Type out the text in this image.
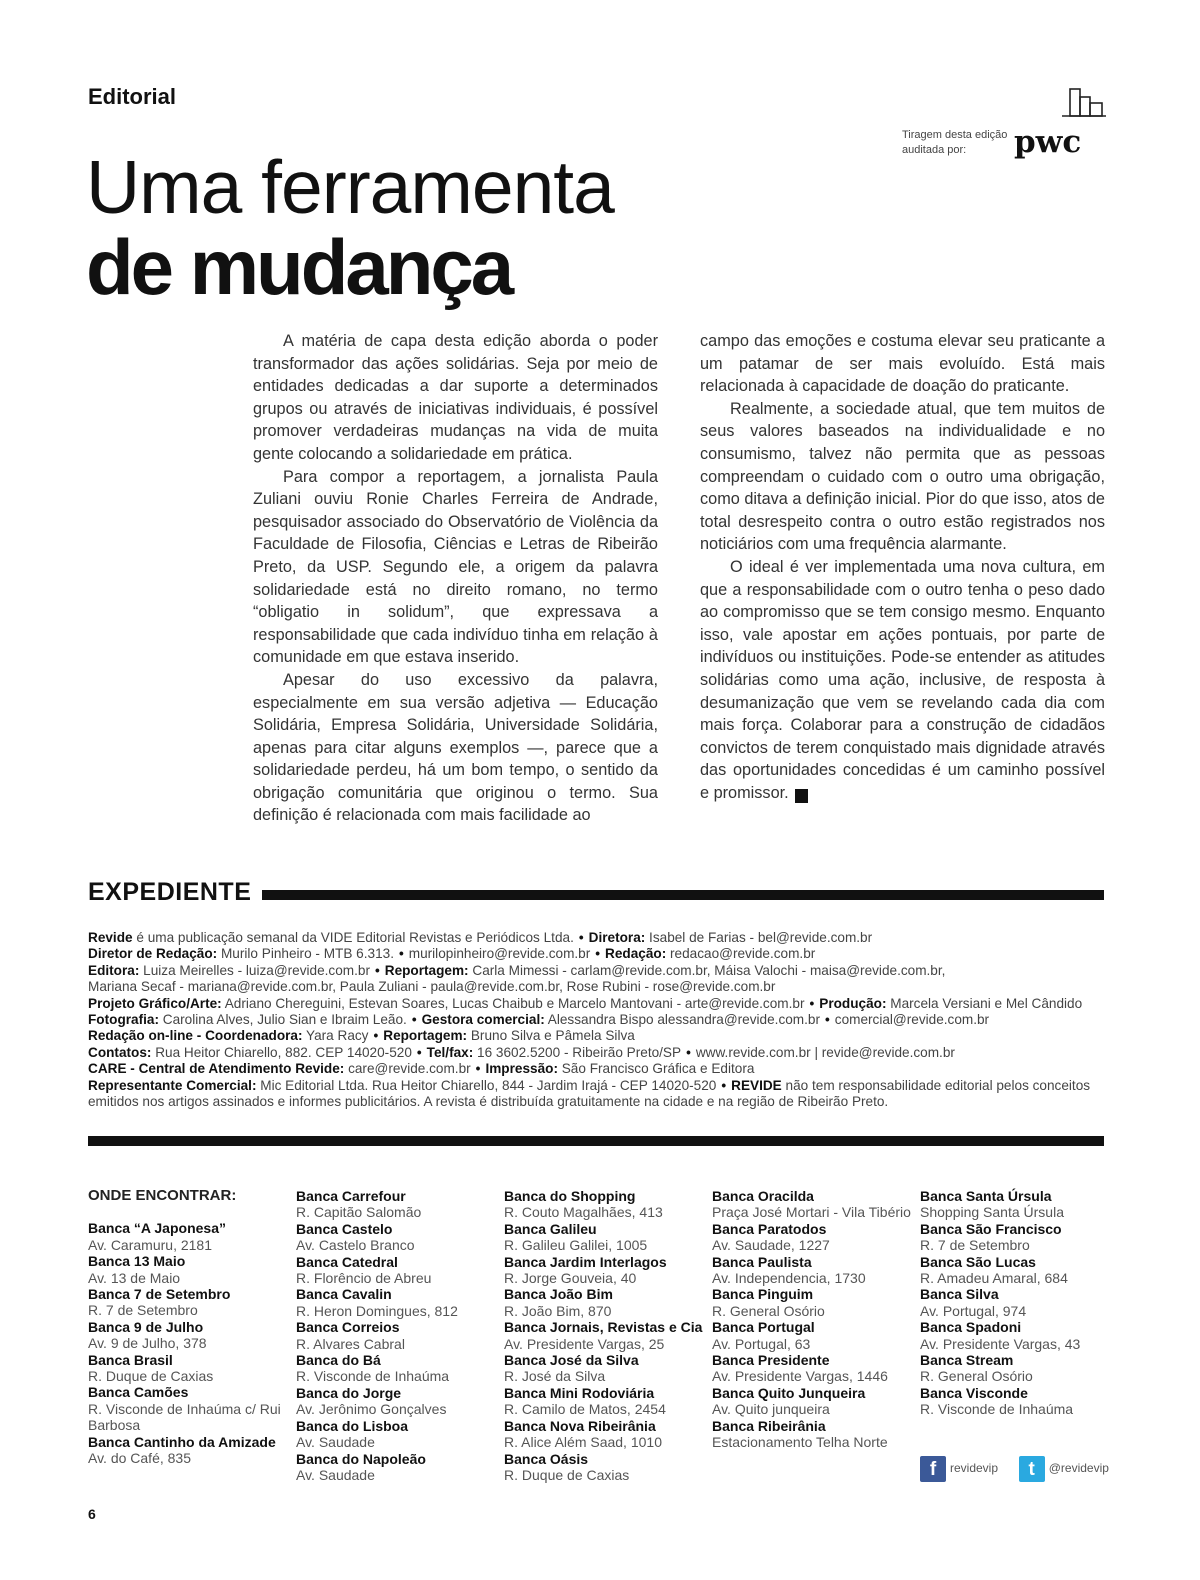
Editorial
Uma ferramenta
de mudança
Tiragem desta edição auditada por:	pwc

A matéria de capa desta edição aborda o poder transformador das ações solidárias. Seja por meio de entidades dedicadas a dar suporte a determinados grupos ou através de iniciativas individuais, é possível promover verdadeiras mudanças na vida de muita gente colocando a solidariedade em prática.

Para compor a reportagem, a jornalista Paula Zuliani ouviu Ronie Charles Ferreira de Andrade, pesquisador associado do Observatório de Violência da Faculdade de Filosofia, Ciências e Letras de Ribeirão Preto, da USP. Segundo ele, a origem da palavra solidariedade está no direito romano, no termo “obligatio in solidum”, que expressava a responsabilidade que cada indivíduo tinha em relação à comunidade em que estava inserido.

Apesar do uso excessivo da palavra, especialmente em sua versão adjetiva — Educação Solidária, Empresa Solidária, Universidade Solidária, apenas para citar alguns exemplos —, parece que a solidariedade perdeu, há um bom tempo, o sentido da obrigação comunitária que originou o termo. Sua definição é relacionada com mais facilidade ao

campo das emoções e costuma elevar seu praticante a um patamar de ser mais evoluído. Está mais relacionada à capacidade de doação do praticante.

Realmente, a sociedade atual, que tem muitos de seus valores baseados na individualidade e no consumismo, talvez não permita que as pessoas compreendam o cuidado com o outro uma obrigação, como ditava a definição inicial. Pior do que isso, atos de total desrespeito contra o outro estão registrados nos noticiários com uma frequência alarmante.

O ideal é ver implementada uma nova cultura, em que a responsabilidade com o outro tenha o peso dado ao compromisso que se tem consigo mesmo. Enquanto isso, vale apostar em ações pontuais, por parte de indivíduos ou instituições. Pode-se entender as atitudes solidárias como uma ação, inclusive, de resposta à desumanização que vem se revelando cada dia com mais força. Colaborar para a construção de cidadãos convictos de terem conquistado mais dignidade através das oportunidades concedidas é um caminho possível e promissor.	r

EXPEDIENTE
Revide é uma publicação semanal da VIDE Editorial Revistas e Periódicos Ltda. • Diretora: Isabel de Farias - bel@revide.com.br
Diretor de Redação: Murilo Pinheiro - MTB 6.313. • murilopinheiro@revide.com.br • Redação: redacao@revide.com.br
Editora: Luiza Meirelles - luiza@revide.com.br • Reportagem: Carla Mimessi - carlam@revide.com.br, Máisa Valochi - maisa@revide.com.br,
Mariana Secaf - mariana@revide.com.br, Paula Zuliani - paula@revide.com.br, Rose Rubini - rose@revide.com.br
Projeto Gráfico/Arte: Adriano Chereguini, Estevan Soares, Lucas Chaibub e Marcelo Mantovani - arte@revide.com.br • Produção: Marcela Versiani e Mel Cândido
Fotografia: Carolina Alves, Julio Sian e Ibraim Leão. • Gestora comercial: Alessandra Bispo alessandra@revide.com.br • comercial@revide.com.br
Redação on-line - Coordenadora: Yara Racy • Reportagem: Bruno Silva e Pâmela Silva
Contatos: Rua Heitor Chiarello, 882. CEP 14020-520 • Tel/fax: 16 3602.5200 - Ribeirão Preto/SP • www.revide.com.br | revide@revide.com.br
CARE - Central de Atendimento Revide: care@revide.com.br • Impressão: São Francisco Gráfica e Editora
Representante Comercial: Mic Editorial Ltda. Rua Heitor Chiarello, 844 - Jardim Irajá - CEP 14020-520 • REVIDE não tem responsabilidade editorial pelos conceitos emitidos nos artigos assinados e informes publicitários. A revista é distribuída gratuitamente na cidade e na região de Ribeirão Preto.
ONDE ENCONTRAR:
Banca “A Japonesa”
Av. Caramuru, 2181
Banca 13 Maio
Av. 13 de Maio
Banca 7 de Setembro
R. 7 de Setembro
Banca 9 de Julho
Av. 9 de Julho, 378
Banca Brasil
R. Duque de Caxias
Banca Camões
R. Visconde de Inhaúma c/ Rui Barbosa
Banca Cantinho da Amizade
Av. do Café, 835
Banca Carrefour
R. Capitão Salomão
Banca Castelo
Av. Castelo Branco
Banca Catedral
R. Florêncio de Abreu
Banca Cavalin
R. Heron Domingues, 812
Banca Correios
R. Alvares Cabral
Banca do Bá
R. Visconde de Inhaúma
Banca do Jorge
Av. Jerônimo Gonçalves
Banca do Lisboa
Av. Saudade
Banca do Napoleão
Av. Saudade
Banca do Shopping
R. Couto Magalhães, 413
Banca Galileu
R. Galileu Galilei, 1005
Banca Jardim Interlagos
R. Jorge Gouveia, 40
Banca João Bim
R. João Bim, 870
Banca Jornais, Revistas e Cia
Av. Presidente Vargas, 25
Banca José da Silva
R. José da Silva
Banca Mini Rodoviária
R. Camilo de Matos, 2454
Banca Nova Ribeirânia
R. Alice Além Saad, 1010
Banca Oásis
R. Duque de Caxias
Banca Oracilda
Praça José Mortari - Vila Tibério
Banca Paratodos
Av. Saudade, 1227
Banca Paulista
Av. Independencia, 1730
Banca Pinguim
R. General Osório
Banca Portugal
Av. Portugal, 63
Banca Presidente
Av. Presidente Vargas, 1446
Banca Quito Junqueira
Av. Quito junqueira
Banca Ribeirânia
Estacionamento Telha Norte
Banca Santa Úrsula
Shopping Santa Úrsula
Banca São Francisco
R. 7 de Setembro
Banca São Lucas
R. Amadeu Amaral, 684
Banca Silva
Av. Portugal, 974
Banca Spadoni
Av. Presidente Vargas, 43
Banca Stream
R. General Osório
Banca Visconde
R. Visconde de Inhaúma
f revidevip t @revidevip
6
